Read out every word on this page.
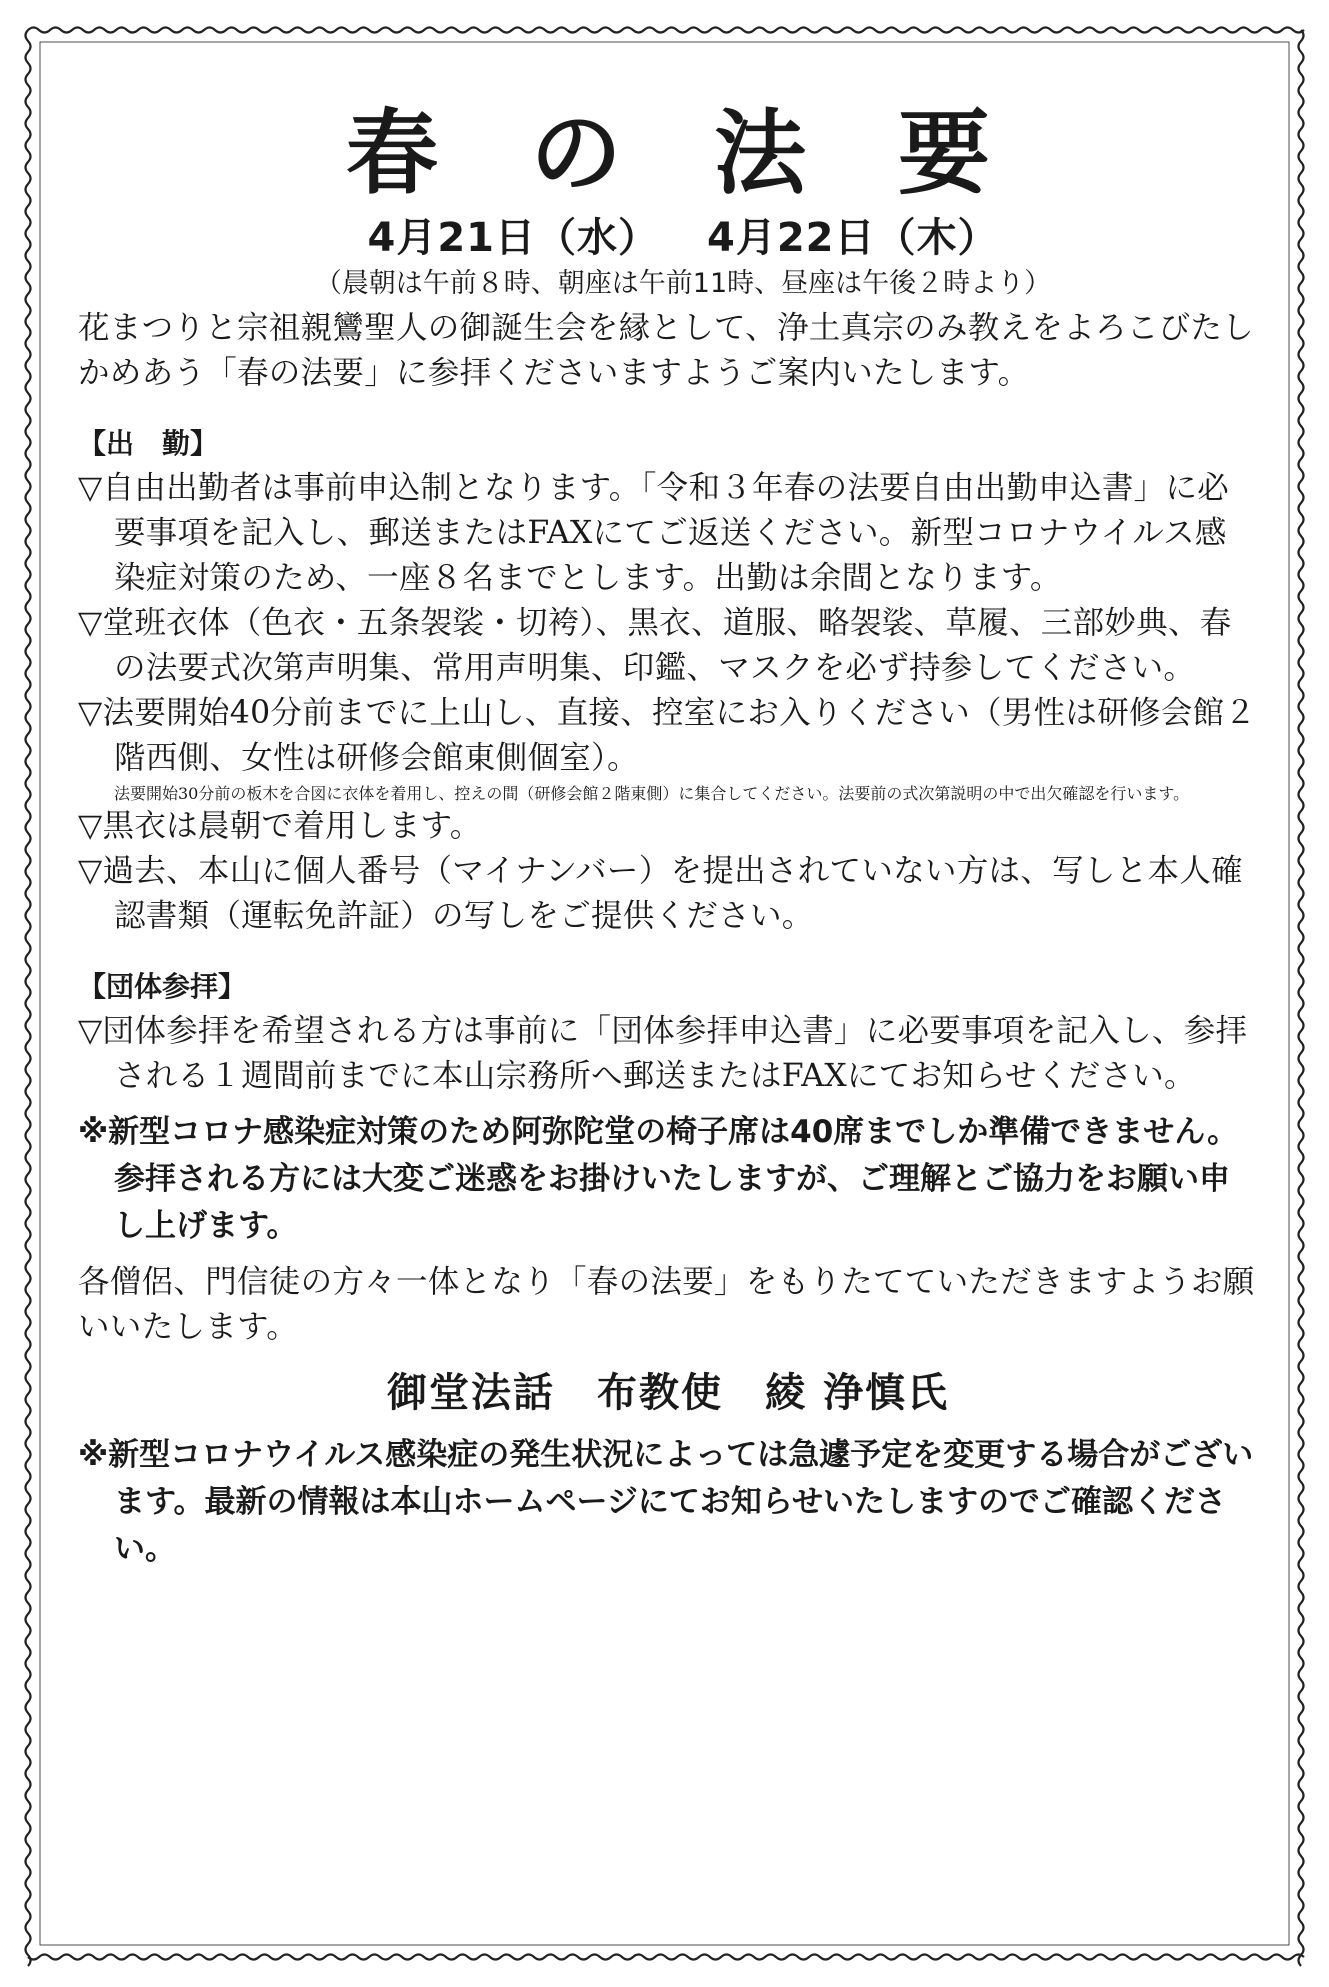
春 の 法 要
4月21日（水） 4月22日（木）
（晨朝は午前８時、朝座は午前11時、昼座は午後２時より）

花まつりと宗祖親鸞聖人の御誕生会を縁として、浄土真宗のみ教えをよろこびたしかめあう「春の法要」に参拝くださいますようご案内いたします。

【出　勤】
▽自由出勤者は事前申込制となります。「令和３年春の法要自由出勤申込書」に必要事項を記入し、郵送またはFAXにてご返送ください。新型コロナウイルス感染症対策のため、一座８名までとします。出勤は余間となります。
▽堂班衣体（色衣・五条袈裟・切袴）、黒衣、道服、略袈裟、草履、三部妙典、春の法要式次第声明集、常用声明集、印鑑、マスクを必ず持参してください。
▽法要開始40分前までに上山し、直接、控室にお入りください（男性は研修会館２階西側、女性は研修会館東側個室）。
法要開始30分前の板木を合図に衣体を着用し、控えの間（研修会館２階東側）に集合してください。法要前の式次第説明の中で出欠確認を行います。
▽黒衣は晨朝で着用します。
▽過去、本山に個人番号（マイナンバー）を提出されていない方は、写しと本人確認書類（運転免許証）の写しをご提供ください。
【団体参拝】
▽団体参拝を希望される方は事前に「団体参拝申込書」に必要事項を記入し、参拝される１週間前までに本山宗務所へ郵送またはFAXにてお知らせください。
※新型コロナ感染症対策のため阿弥陀堂の椅子席は40席までしか準備できません。参拝される方には大変ご迷惑をお掛けいたしますが、ご理解とご協力をお願い申し上げます。

各僧侶、門信徒の方々一体となり「春の法要」をもりたてていただきますようお願いいたします。

御堂法話 布教使 綾 浄慎氏
※新型コロナウイルス感染症の発生状況によっては急遽予定を変更する場合がございます。最新の情報は本山ホームページにてお知らせいたしますのでご確認ください。
